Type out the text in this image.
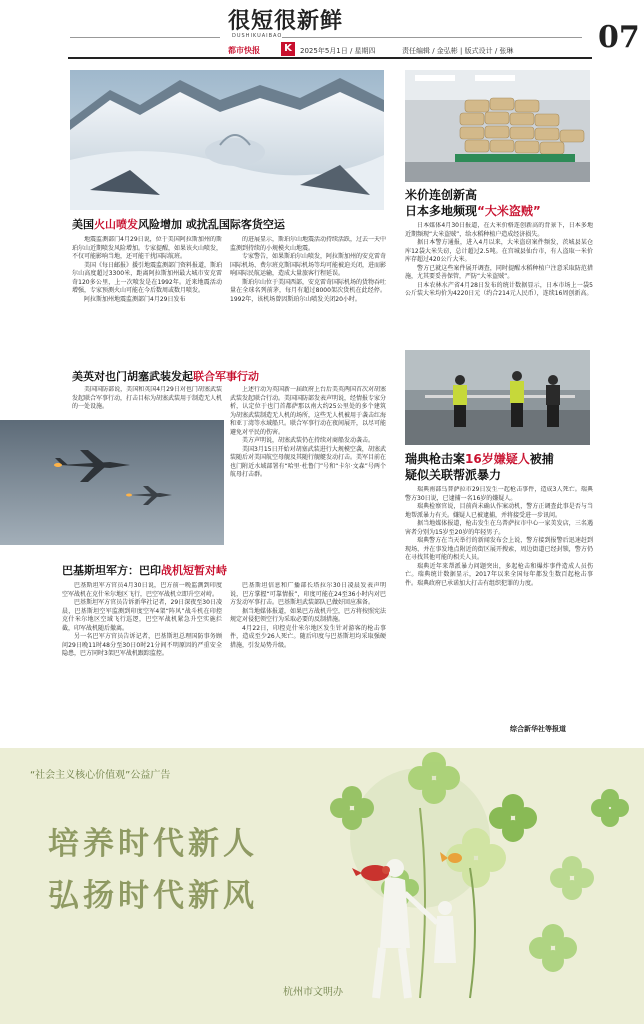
很短很新鲜
DUSHIKUAIBAO
都市快报	K	2025年5月1日 / 星期四	责任编辑 / 金弘彬 | 版式设计 / 张琳	07
米价连创新高
日本多地频现“大米盗贼”

日本媒体4月30日报道，在大米价格连创新高的背景下，日本多地近期频现“大米盗贼”，给水稻种植户造成经济损失。

据日本警方通报，进入4月以来，大米盗窃案件频发，茨城县某仓库12袋大米失窃，总计超过2.5吨。在宫城县仙台市，有人盗取一米价库存超过420公斤大米。

警方已就这些案件展开调查，同时提醒水稻种植户注意采取防范措施，尤其要妥善保管，严防“大米盗贼”。

日本农林水产省4月28日发布的统计数据显示，日本市场上一袋5公斤装大米均价为4220日元（约合214元人民币），连续16周创新高。

美国火山喷发风险增加 或扰乱国际客货空运

地震监测部门4月29日说，位于美国阿拉斯加州的斯珀尔山近期喷发风险增加。专家提醒，如果该火山喷发，不仅可能影响当地，还可能干扰国际航班。

美国《每日邮报》援引地震监测部门资料报道，斯珀尔山高度超过3300米，距离阿拉斯加州最大城市安克雷奇120多公里，上一次喷发是在1992年。近来地震活动增强，专家预测火山可能在今后数周或数月喷发。

阿拉斯加州地震监测部门4月29日发布

的进展显示，斯珀尔山地震活动持续活跃，过去一天中监测到持续的小规模火山地震。

专家警告，如果斯珀尔山喷发，阿拉斯加州的安克雷奇国际机场、费尔班克斯国际机场等均可能被迫关闭，进而影响国际民航运输，造成大量旅客行程延误。

斯珀尔山位于美国西部，安克雷奇国际机场的货物吞吐量在全球名列前茅，每月有超过8000架次货机在此经停。1992年，该机场曾因斯珀尔山喷发关闭20小时。

瑞典枪击案16岁嫌疑人被捕
疑似关联帮派暴力

瑞典南部乌普萨拉市29日发生一起枪击事件，造成3人死亡。瑞典警方30日说，已逮捕一名16岁的嫌疑人。

瑞典检察官说，目前尚未确认作案动机，警方正调查此事是否与当地帮派暴力有关。嫌疑人已被逮捕，并将接受进一步讯问。

据当地媒体报道，枪击发生在乌普萨拉市中心一家美发店，三名遇害者分别为15岁至20岁的年轻男子。

瑞典警方在当天举行的新闻发布会上说，警方接到报警后迅速赶到现场，并在事发地点附近的街区展开搜索，周边街道已经封锁，警方仍在寻找其他可能的相关人员。

瑞典近年来帮派暴力问题突出，多起枪击和爆炸事件造成人员伤亡。瑞典统计数据显示，2017年以来全国每年都发生数百起枪击事件。瑞典政府已承诺加大打击有组织犯罪的力度。

综合新华社等报道
美英对也门胡塞武装发起联合军事行动

美国国防部说，美国和英国4月29日对也门胡塞武装发起联合军事行动，打击目标为胡塞武装用于制造无人机的一处设施。

上述行动为英国新一届政府上台后美英两国首次对胡塞武装发起联合行动。美国国防部发表声明说，经情报专家分析，认定位于也门首都萨那以南大约25公里处的多个建筑为胡塞武装制造无人机的场所，这些无人机被用于袭击红海和亚丁湾等水域船只。联合军事行动在夜间展开，以尽可能避免对平民的伤害。

美方声明说，胡塞武装仍在持续对商船发动袭击。

美国3月15日开始对胡塞武装进行大规模空袭，胡塞武装随后对美国航空母舰及其随行舰艇发动打击。美军目前在也门附近水域部署有“哈里·杜鲁门”号和“卡尔·文森”号两个航母打击群。

巴基斯坦军方：巴印战机短暂对峙

巴基斯坦军方官员4月30日说，巴方前一晚监测到印度空军战机在克什米尔地区飞行，巴空军战机立即升空对峙。

巴基斯坦军方官员告诉新华社记者，29日深夜至30日凌晨，巴基斯坦空军监测到印度空军4架“阵风”战斗机在印控克什米尔地区空域飞行巡逻，巴空军战机紧急升空实施拦截，印军战机随后撤离。

另一名巴军方官员告诉记者，巴基斯坦总理国防事务顾问29日晚11时48分至30日0时21分间不明原因的严重安全隐患，巴方同时3架巴军战机跟踪监控。

巴基斯坦信息和广播部长塔拉尔30日凌晨发表声明说，巴方掌握“可靠情报”，印度可能在24至36小时内对巴方发动军事打击。巴基斯坦武装部队已做好回应准备。

据当地媒体报道，如果巴方战机升空，巴方将按照宪法规定对侵犯领空行为采取必要的反制措施。

4月22日，印控克什米尔地区发生针对游客的枪击事件，造成至少26人死亡。随后印度与巴基斯坦均采取强硬措施，引发局势升级。

“社会主义核心价值观”公益广告
培养时代新人
弘扬时代新风
杭州市文明办
